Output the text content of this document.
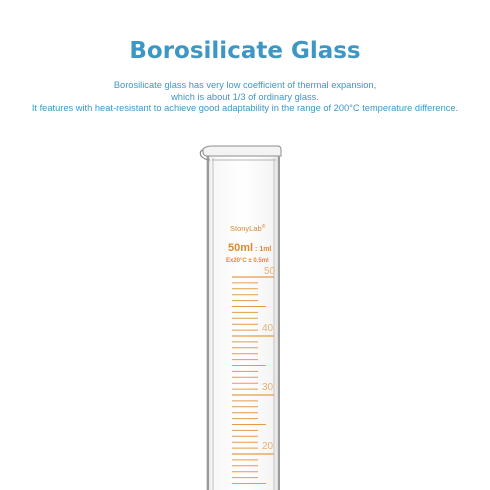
Borosilicate Glass
Borosilicate glass has very low coefficient of thermal expansion,
which is about 1/3 of ordinary glass.
It features with heat-resistant to achieve good adaptability in the range of 200°C temperature difference.
StonyLab®
50ml : 1ml
Ex20°C ± 0.5ml
50
40
30
20
